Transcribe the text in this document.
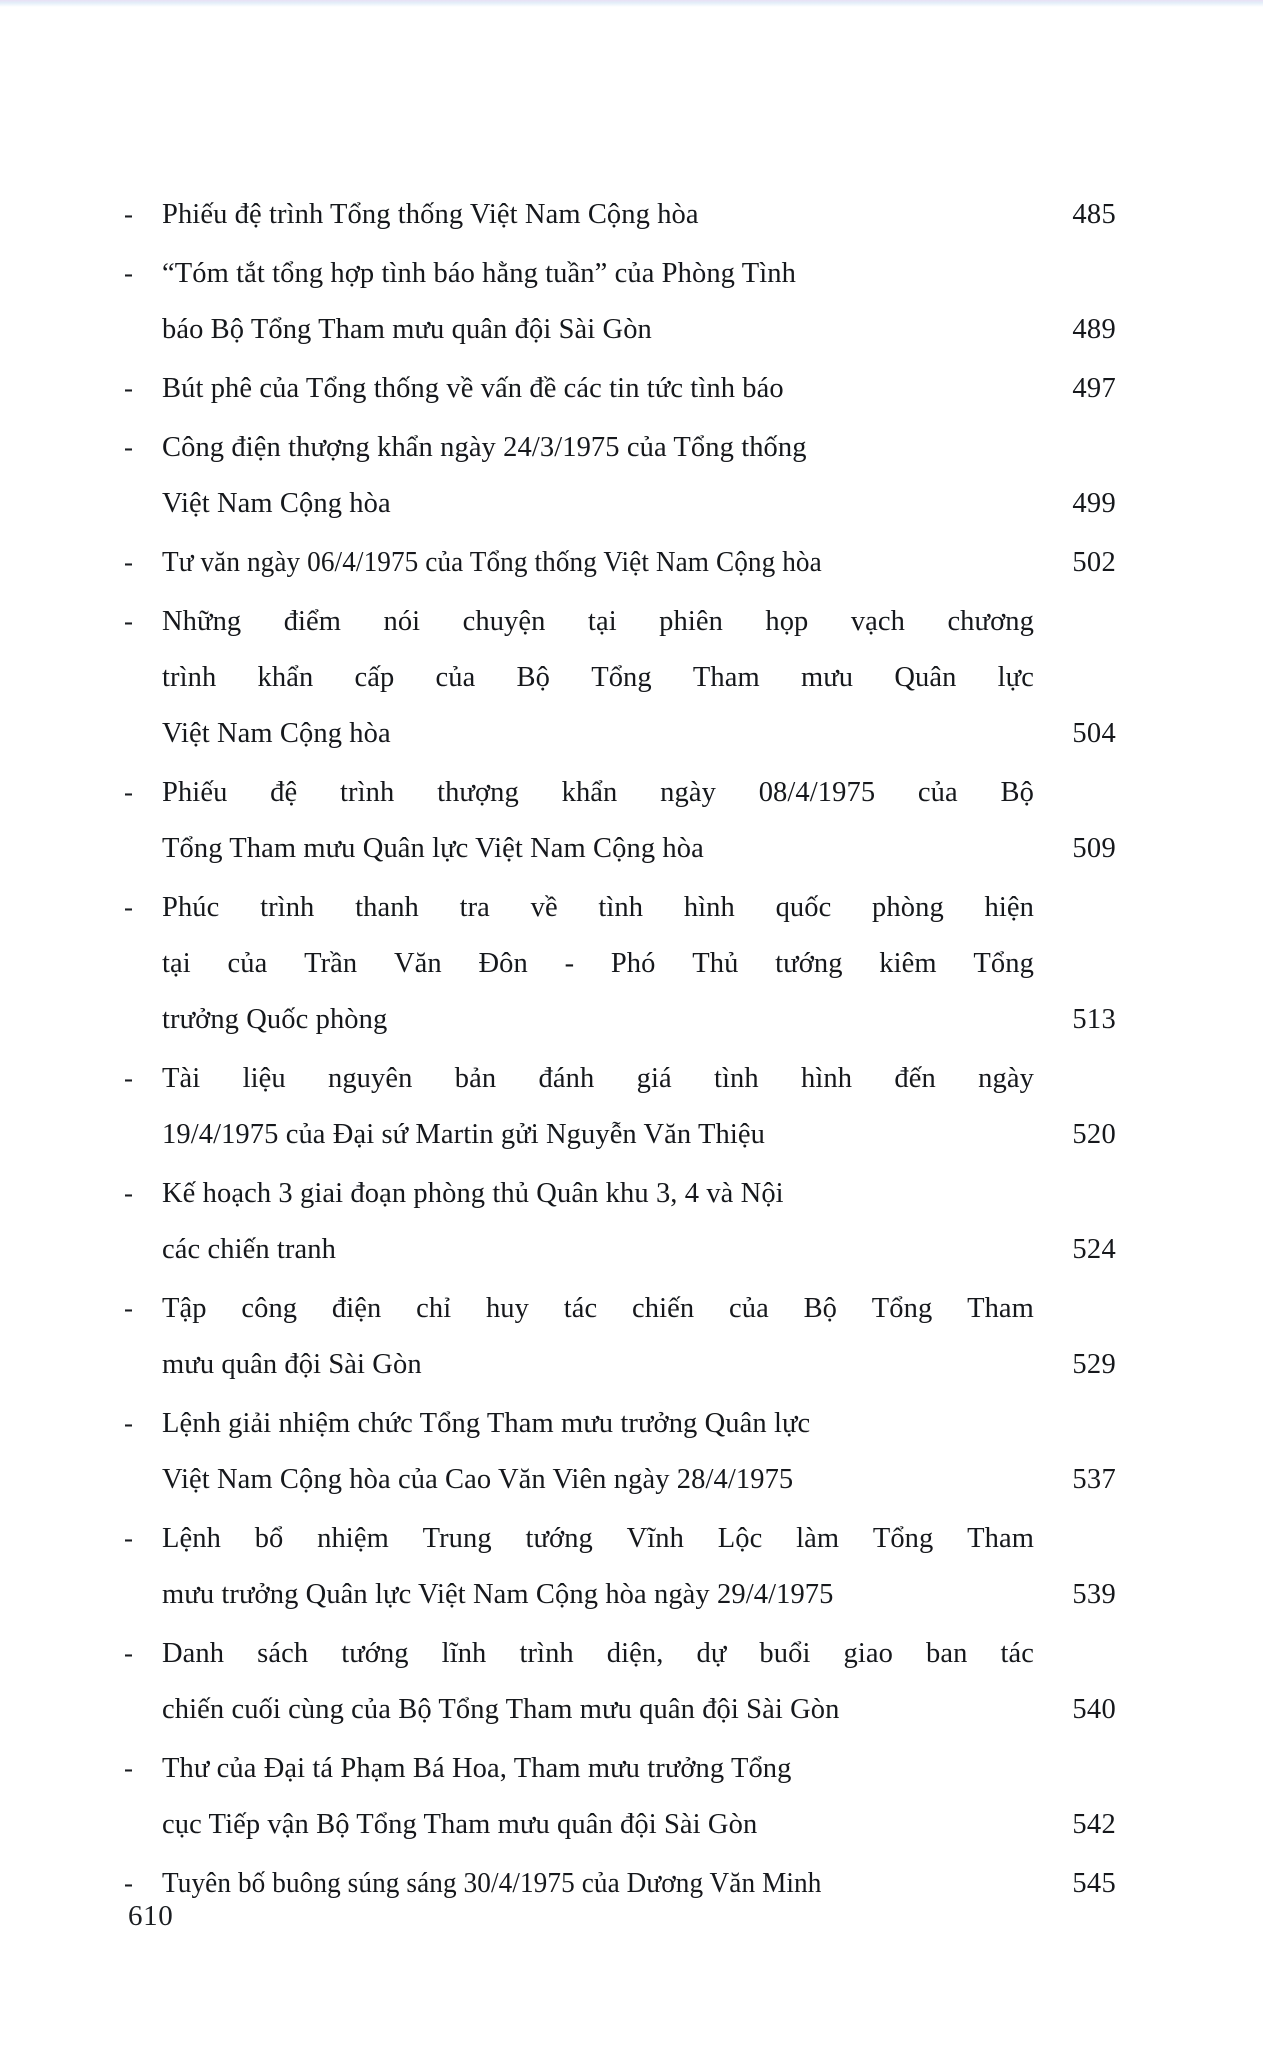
-	Phiếu đệ trình Tổng thống Việt Nam Cộng hòa	485
-	“Tóm tắt tổng hợp tình báo hằng tuần” của Phòng Tình
báo Bộ Tổng Tham mưu quân đội Sài Gòn	489
-	Bút phê của Tổng thống về vấn đề các tin tức tình báo	497
-	Công điện thượng khẩn ngày 24/3/1975 của Tổng thống
Việt Nam Cộng hòa	499
-	Tư văn ngày 06/4/1975 của Tổng thống Việt Nam Cộng hòa	502
-	Những điểm nói chuyện tại phiên họp vạch chương
trình khẩn cấp của Bộ Tổng Tham mưu Quân lực
Việt Nam Cộng hòa	504
-	Phiếu đệ trình thượng khẩn ngày 08/4/1975 của Bộ
Tổng Tham mưu Quân lực Việt Nam Cộng hòa	509
-	Phúc trình thanh tra về tình hình quốc phòng hiện
tại của Trần Văn Đôn - Phó Thủ tướng kiêm Tổng
trưởng Quốc phòng	513
-	Tài liệu nguyên bản đánh giá tình hình đến ngày
19/4/1975 của Đại sứ Martin gửi Nguyễn Văn Thiệu	520
-	Kế hoạch 3 giai đoạn phòng thủ Quân khu 3, 4 và Nội
các chiến tranh	524
-	Tập công điện chỉ huy tác chiến của Bộ Tổng Tham
mưu quân đội Sài Gòn	529
-	Lệnh giải nhiệm chức Tổng Tham mưu trưởng Quân lực
Việt Nam Cộng hòa của Cao Văn Viên ngày 28/4/1975	537
-	Lệnh bổ nhiệm Trung tướng Vĩnh Lộc làm Tổng Tham
mưu trưởng Quân lực Việt Nam Cộng hòa ngày 29/4/1975	539
-	Danh sách tướng lĩnh trình diện, dự buổi giao ban tác
chiến cuối cùng của Bộ Tổng Tham mưu quân đội Sài Gòn	540
-	Thư của Đại tá Phạm Bá Hoa, Tham mưu trưởng Tổng
cục Tiếp vận Bộ Tổng Tham mưu quân đội Sài Gòn	542
-	Tuyên bố buông súng sáng 30/4/1975 của Dương Văn Minh	545
610
